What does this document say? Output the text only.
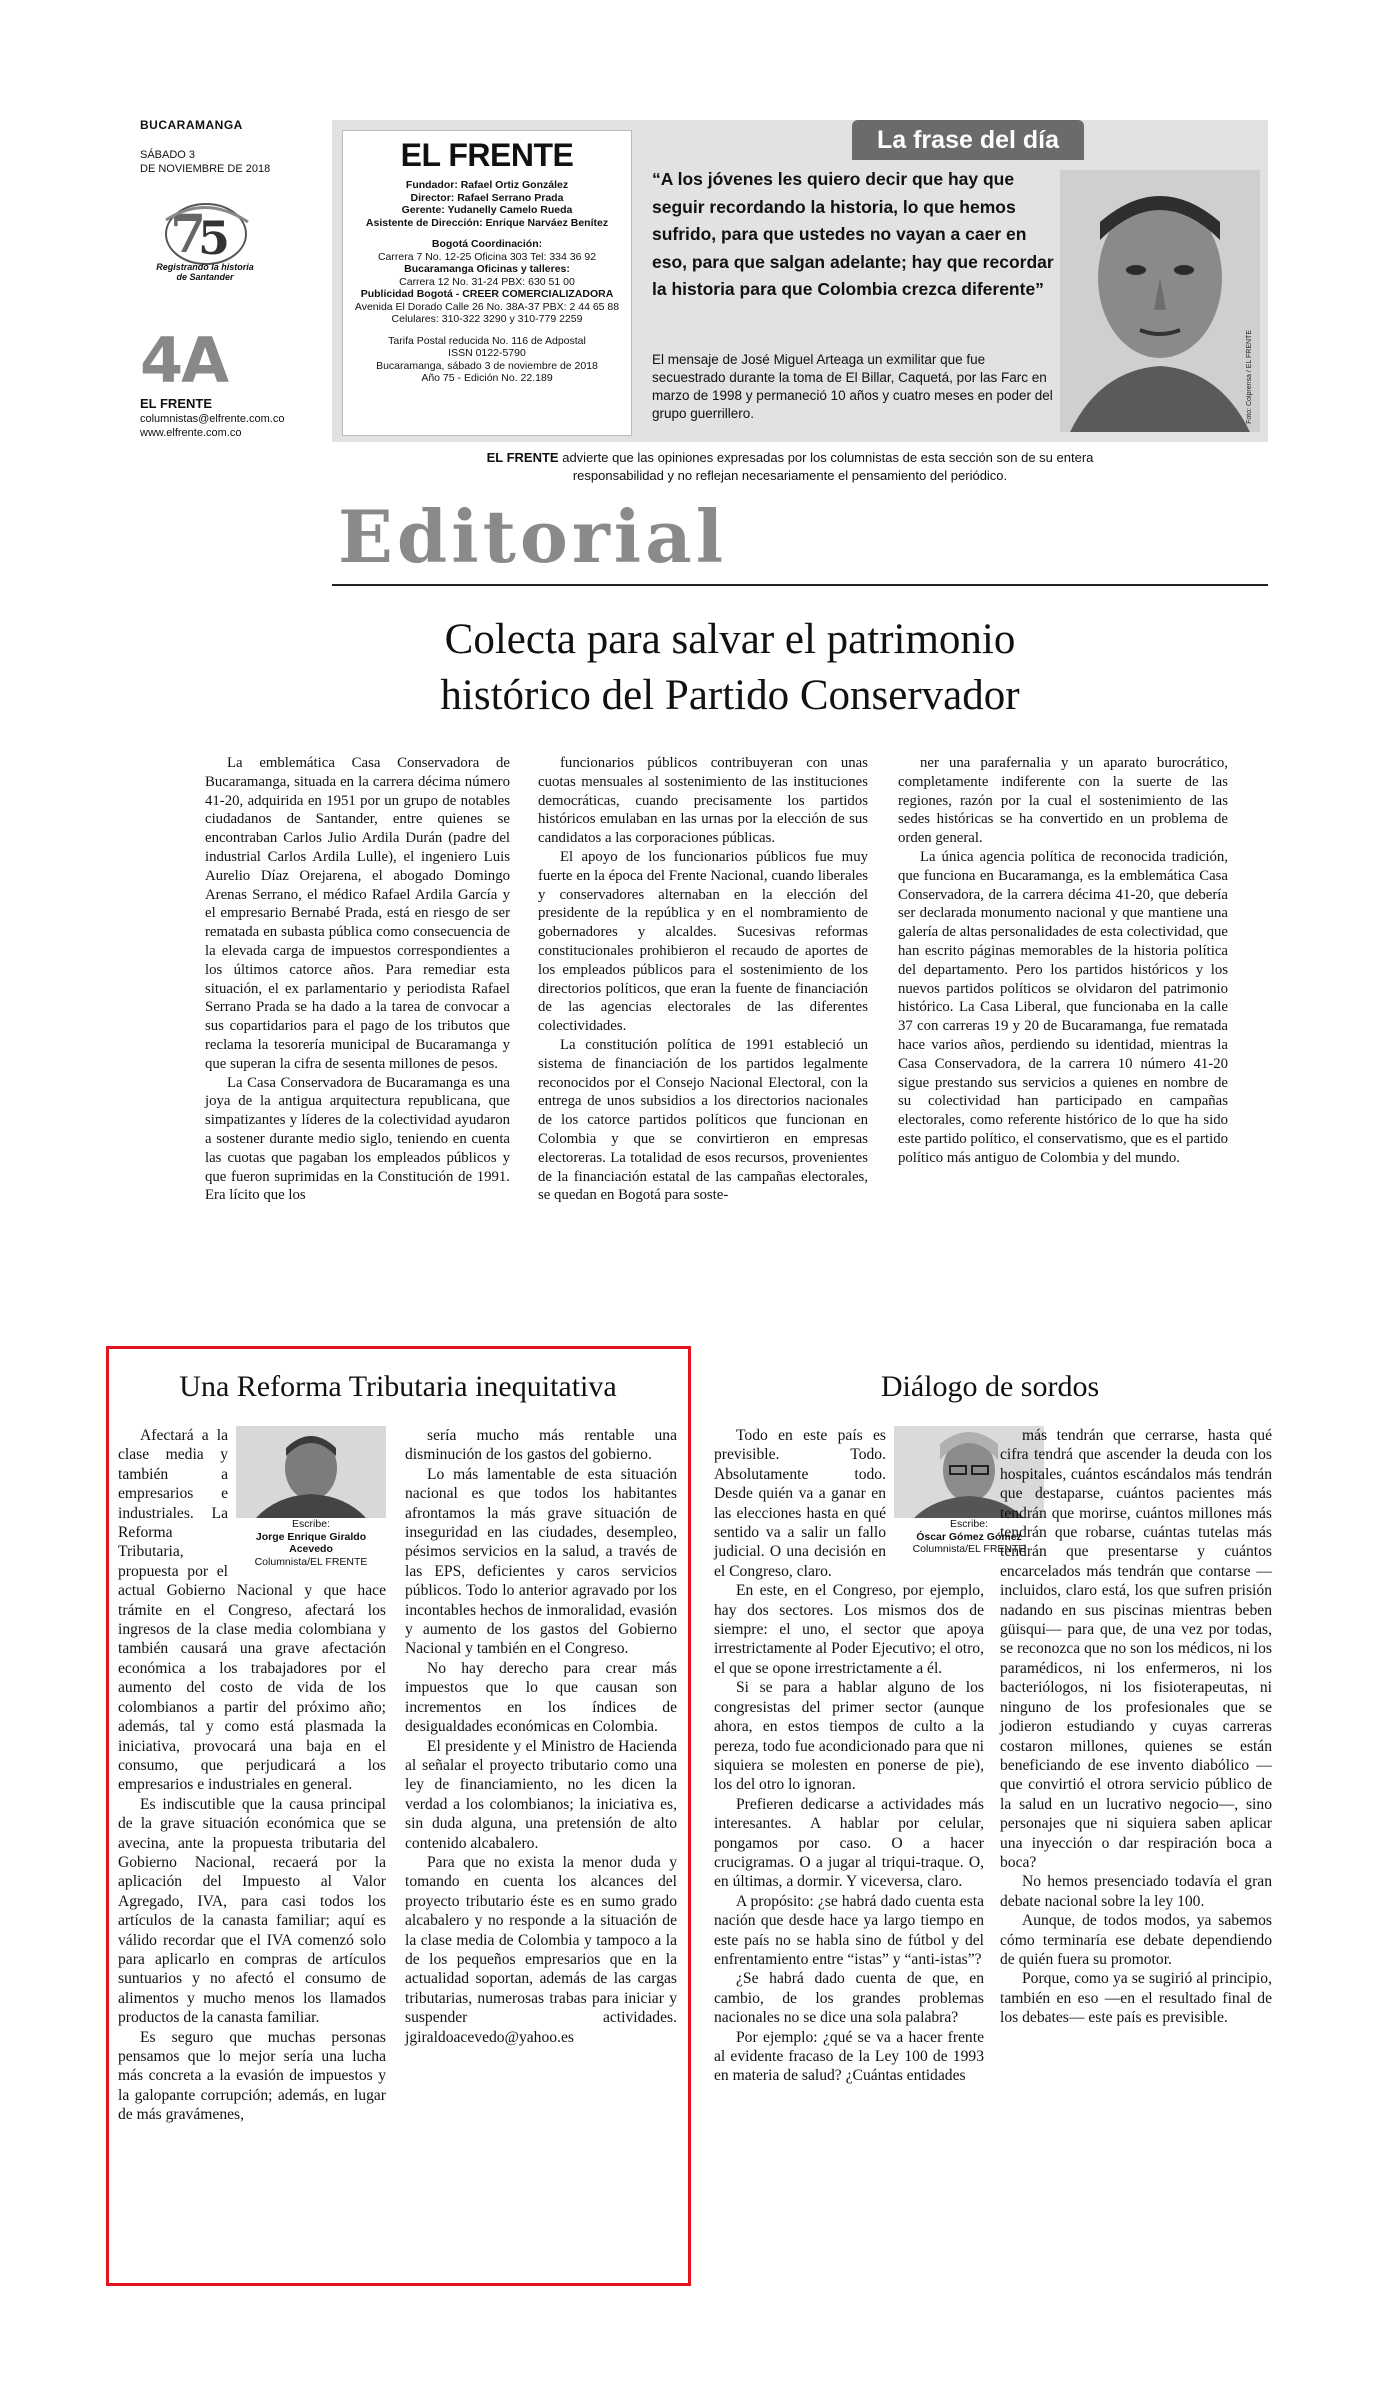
BUCARAMANGA
SÁBADO 3
DE NOVIEMBRE DE 2018
7
5
Registrando la historia
de Santander
4A
EL FRENTE
columnistas@elfrente.com.co
www.elfrente.com.co
EL FRENTE
Fundador: Rafael Ortiz González
Director: Rafael Serrano Prada
Gerente: Yudanelly Camelo Rueda
Asistente de Dirección: Enrique Narváez Benítez
Bogotá Coordinación:
Carrera 7 No. 12-25 Oficina 303 Tel: 334 36 92
Bucaramanga Oficinas y talleres:
Carrera 12 No. 31-24 PBX: 630 51 00
Publicidad Bogotá - CREER COMERCIALIZADORA
Avenida El Dorado Calle 26 No. 38A-37 PBX: 2 44 65 88
Celulares: 310-322 3290 y 310-779 2259
Tarifa Postal reducida No. 116 de Adpostal
ISSN 0122-5790
Bucaramanga, sábado 3 de noviembre de 2018
Año 75 - Edición No. 22.189
La frase del día
“A los jóvenes les quiero decir que hay que seguir recordando la historia, lo que hemos sufrido, para que ustedes no vayan a caer en eso, para que salgan adelante; hay que recordar la historia para que Colombia crezca diferente”
El mensaje de José Miguel Arteaga un exmilitar que fue secuestrado durante la toma de El Billar, Caquetá, por las Farc en marzo de 1998 y permaneció 10 años y cuatro meses en poder del grupo guerrillero.	Foto: Colprensa / EL FRENTE
EL FRENTE advierte que las opiniones expresadas por los columnistas de esta sección son de su entera responsabilidad y no reflejan necesariamente el pensamiento del periódico.
Editorial
Colecta para salvar el patrimonio
histórico del Partido Conservador

La emblemática Casa Conservadora de Bucaramanga, situada en la carrera décima número 41-20, adquirida en 1951 por un grupo de notables ciudadanos de Santander, entre quienes se encontraban Carlos Julio Ardila Durán (padre del industrial Carlos Ardila Lulle), el ingeniero Luis Aurelio Díaz Orejarena, el abogado Domingo Arenas Serrano, el médico Rafael Ardila García y el empresario Bernabé Prada, está en riesgo de ser rematada en subasta pública como consecuencia de la elevada carga de impuestos correspondientes a los últimos catorce años. Para remediar esta situación, el ex parlamentario y periodista Rafael Serrano Prada se ha dado a la tarea de convocar a sus copartidarios para el pago de los tributos que reclama la tesorería municipal de Bucaramanga y que superan la cifra de sesenta millones de pesos.

La Casa Conservadora de Bucaramanga es una joya de la antigua arquitectura republicana, que simpatizantes y líderes de la colectividad ayudaron a sostener durante medio siglo, teniendo en cuenta las cuotas que pagaban los empleados públicos y que fueron suprimidas en la Constitución de 1991. Era lícito que los

funcionarios públicos contribuyeran con unas cuotas mensuales al sostenimiento de las instituciones democráticas, cuando precisamente los partidos históricos emulaban en las urnas por la elección de sus candidatos a las corporaciones públicas.

El apoyo de los funcionarios públicos fue muy fuerte en la época del Frente Nacional, cuando liberales y conservadores alternaban en la elección del presidente de la república y en el nombramiento de gobernadores y alcaldes. Sucesivas reformas constitucionales prohibieron el recaudo de aportes de los empleados públicos para el sostenimiento de los directorios políticos, que eran la fuente de financiación de las agencias electorales de las diferentes colectividades.

La constitución política de 1991 estableció un sistema de financiación de los partidos legalmente reconocidos por el Consejo Nacional Electoral, con la entrega de unos subsidios a los directorios nacionales de los catorce partidos políticos que funcionan en Colombia y que se convirtieron en empresas electoreras. La totalidad de esos recursos, provenientes de la financiación estatal de las campañas electorales, se quedan en Bogotá para soste-

ner una parafernalia y un aparato burocrático, completamente indiferente con la suerte de las regiones, razón por la cual el sostenimiento de las sedes históricas se ha convertido en un problema de orden general.

La única agencia política de reconocida tradición, que funciona en Bucaramanga, es la emblemática Casa Conservadora, de la carrera décima 41-20, que debería ser declarada monumento nacional y que mantiene una galería de altas personalidades de esta colectividad, que han escrito páginas memorables de la historia política del departamento. Pero los partidos históricos y los nuevos partidos políticos se olvidaron del patrimonio histórico. La Casa Liberal, que funcionaba en la calle 37 con carreras 19 y 20 de Bucaramanga, fue rematada hace varios años, perdiendo su identidad, mientras la Casa Conservadora, de la carrera 10 número 41-20 sigue prestando sus servicios a quienes en nombre de su colectividad han participado en campañas electorales, como referente histórico de lo que ha sido este partido político, el conservatismo, que es el partido político más antiguo de Colombia y del mundo.

Una Reforma Tributaria inequitativa
Escribe:
Jorge Enrique Giraldo Acevedo
Columnista/EL FRENTE

Afectará a la clase media y también a empresarios e industriales. La Reforma Tributaria, propuesta por el actual Gobierno Nacional y que hace trámite en el Congreso, afectará los ingresos de la clase media colombiana y también causará una grave afectación económica a los trabajadores por el aumento del costo de vida de los colombianos a partir del próximo año; además, tal y como está plasmada la iniciativa, provocará una baja en el consumo, que perjudicará a los empresarios e industriales en general.

Es indiscutible que la causa principal de la grave situación económica que se avecina, ante la propuesta tributaria del Gobierno Nacional, recaerá por la aplicación del Impuesto al Valor Agregado, IVA, para casi todos los artículos de la canasta familiar; aquí es válido recordar que el IVA comenzó solo para aplicarlo en compras de artículos suntuarios y no afectó el consumo de alimentos y mucho menos los llamados productos de la canasta familiar.

Es seguro que muchas personas pensamos que lo mejor sería una lucha más concreta a la evasión de impuestos y la galopante corrupción; además, en lugar de más gravámenes,

sería mucho más rentable una disminución de los gastos del gobierno.

Lo más lamentable de esta situación nacional es que todos los habitantes afrontamos la más grave situación de inseguridad en las ciudades, desempleo, pésimos servicios en la salud, a través de las EPS, deficientes y caros servicios públicos. Todo lo anterior agravado por los incontables hechos de inmoralidad, evasión y aumento de los gastos del Gobierno Nacional y también en el Congreso.

No hay derecho para crear más impuestos que lo que causan son incrementos en los índices de desigualdades económicas en Colombia.

El presidente y el Ministro de Hacienda al señalar el proyecto tributario como una ley de financiamiento, no les dicen la verdad a los colombianos; la iniciativa es, sin duda alguna, una pretensión de alto contenido alcabalero.

Para que no exista la menor duda y tomando en cuenta los alcances del proyecto tributario éste es en sumo grado alcabalero y no responde a la situación de la clase media de Colombia y tampoco a la de los pequeños empresarios que en la actualidad soportan, además de las cargas tributarias, numerosas trabas para iniciar y suspender actividades. jgiraldoacevedo@yahoo.es

Diálogo de sordos
Escribe:
Óscar Gómez Gómez
Columnista/EL FRENTE

Todo en este país es previsible. Todo. Absolutamente todo. Desde quién va a ganar en las elecciones hasta en qué sentido va a salir un fallo judicial. O una decisión en el Congreso, claro.

En este, en el Congreso, por ejemplo, hay dos sectores. Los mismos dos de siempre: el uno, el sector que apoya irrestrictamente al Poder Ejecutivo; el otro, el que se opone irrestrictamente a él.

Si se para a hablar alguno de los congresistas del primer sector (aunque ahora, en estos tiempos de culto a la pereza, todo fue acondicionado para que ni siquiera se molesten en ponerse de pie), los del otro lo ignoran.

Prefieren dedicarse a actividades más interesantes. A hablar por celular, pongamos por caso. O a hacer crucigramas. O a jugar al triqui-traque. O, en últimas, a dormir. Y viceversa, claro.

A propósito: ¿se habrá dado cuenta esta nación que desde hace ya largo tiempo en este país no se habla sino de fútbol y del enfrentamiento entre “istas” y “anti-istas”?

¿Se habrá dado cuenta de que, en cambio, de los grandes problemas nacionales no se dice una sola palabra?

Por ejemplo: ¿qué se va a hacer frente al evidente fracaso de la Ley 100 de 1993 en materia de salud? ¿Cuántas entidades

más tendrán que cerrarse, hasta qué cifra tendrá que ascender la deuda con los hospitales, cuántos escándalos más tendrán que destaparse, cuántos pacientes más tendrán que morirse, cuántos millones más tendrán que robarse, cuántas tutelas más tendrán que presentarse y cuántos encarcelados más tendrán que contarse —incluidos, claro está, los que sufren prisión nadando en sus piscinas mientras beben güisqui— para que, de una vez por todas, se reconozca que no son los médicos, ni los paramédicos, ni los enfermeros, ni los bacteriólogos, ni los fisioterapeutas, ni ninguno de los profesionales que se jodieron estudiando y cuyas carreras costaron millones, quienes se están beneficiando de ese invento diabólico —que convirtió el otrora servicio público de la salud en un lucrativo negocio—, sino personajes que ni siquiera saben aplicar una inyección o dar respiración boca a boca?

No hemos presenciado todavía el gran debate nacional sobre la ley 100.

Aunque, de todos modos, ya sabemos cómo terminaría ese debate dependiendo de quién fuera su promotor.

Porque, como ya se sugirió al principio, también en eso —en el resultado final de los debates— este país es previsible.
